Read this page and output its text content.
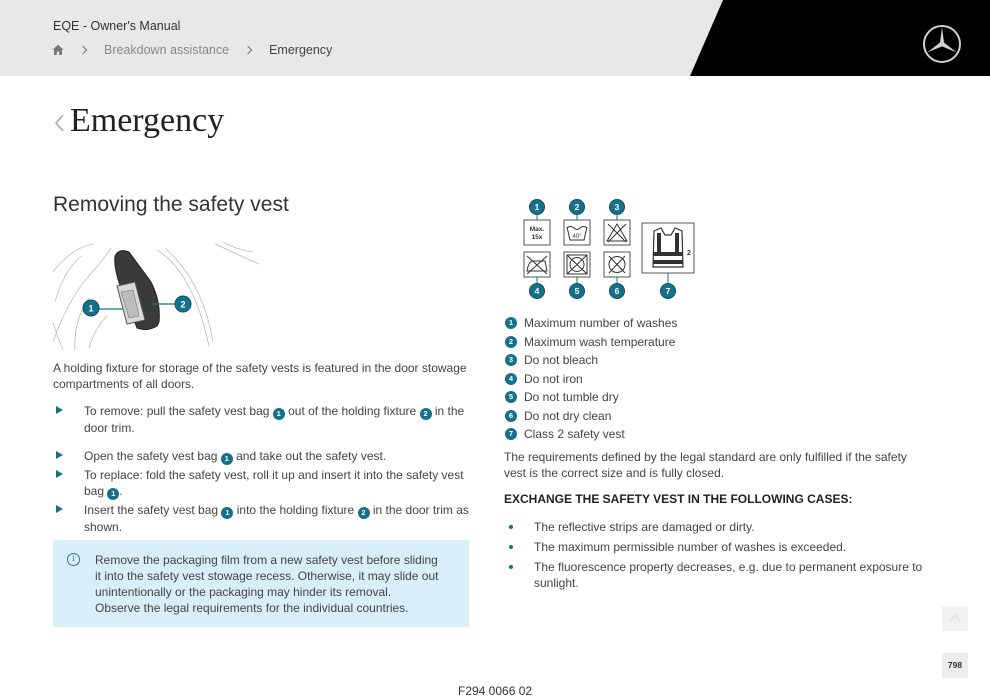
EQE - Owner's Manual
Breakdown assistance	Emergency
Emergency
Removing the safety vest
1	2

A holding fixture for storage of the safety vests is featured in the door stowage compartments of all doors.

To remove: pull the safety vest bag 1 out of the holding fixture 2 in the door trim.
Open the safety vest bag 1 and take out the safety vest.
To replace: fold the safety vest, roll it up and insert it into the safety vest bag 1 .
Insert the safety vest bag 1 into the holding fixture 2 in the door trim as shown.
i	Remove the packaging film from a new safety vest before sliding

it into the safety vest stowage recess. Otherwise, it may slide out

unintentionally or the packaging may hinder its removal.

Observe the legal requirements for the individual countries.

1	2	3
Max.
15x	40°
2
4	5	6	7
1 Maximum number of washes
2 Maximum wash temperature
3 Do not bleach
4 Do not iron
5 Do not tumble dry
6 Do not dry clean
7 Class 2 safety vest

The requirements defined by the legal standard are only fulfilled if the safety vest is the correct size and is fully closed.

EXCHANGE THE SAFETY VEST IN THE FOLLOWING CASES:
The reflective strips are damaged or dirty.
The maximum permissible number of washes is exceeded.
The fluorescence property decreases, e.g. due to permanent exposure to sunlight.
798
F294 0066 02
